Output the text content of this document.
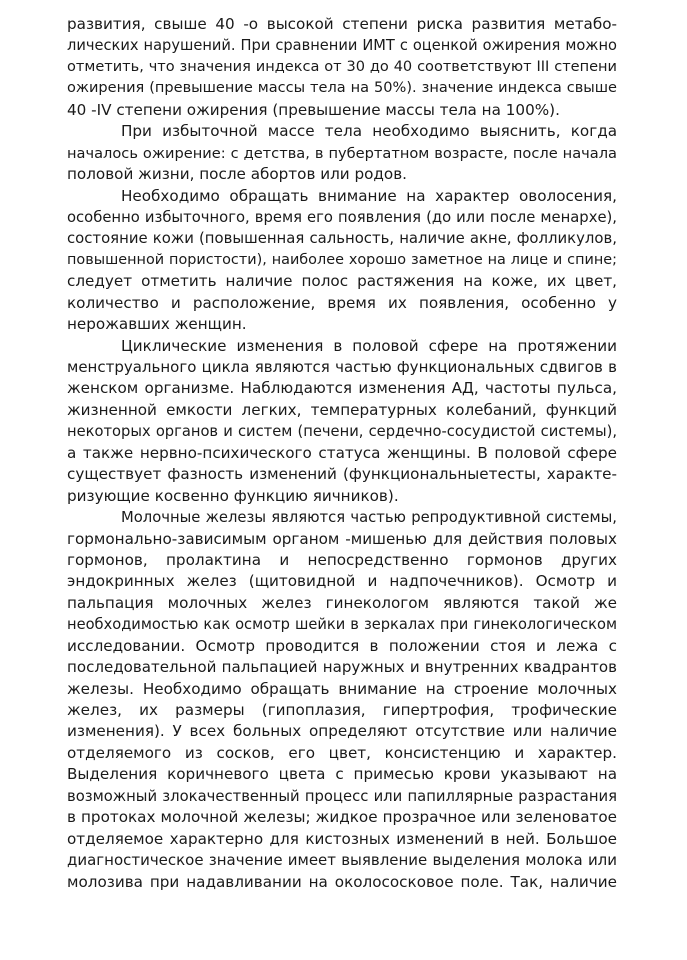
развития, свыше 40 -о высокой степени риска развития метабо-
лических нарушений. При сравнении ИМТ с оценкой ожирения можно
отметить, что значения индекса от 30 до 40 соответствуют III степени
ожирения (превышение массы тела на 50%). значение индекса свыше
40 -IV степени ожирения (превышение массы тела на 100%).
При избыточной массе тела необходимо выяснить, когда
началось ожирение: с детства, в пубертатном возрасте, после начала
половой жизни, после абортов или родов.
Необходимо обращать внимание на характер оволосения,
особенно избыточного, время его появления (до или после менархе),
состояние кожи (повышенная сальность, наличие акне, фолликулов,
повышенной пористости), наиболее хорошо заметное на лице и спине;
следует отметить наличие полос растяжения на коже, их цвет,
количество и расположение, время их появления, особенно у
нерожавших женщин.
Циклические изменения в половой сфере на протяжении
менструального цикла являются частью функциональных сдвигов в
женском организме. Наблюдаются изменения АД, частоты пульса,
жизненной емкости легких, температурных колебаний, функций
некоторых органов и систем (печени, сердечно-сосудистой системы),
а также нервно-психического статуса женщины. В половой сфере
существует фазность изменений (функциональныетесты, характе-
ризующие косвенно функцию яичников).
Молочные железы являются частью репродуктивной системы,
гормонально-зависимым органом -мишенью для действия половых
гормонов, пролактина и непосредственно гормонов других
эндокринных желез (щитовидной и надпочечников). Осмотр и
пальпация молочных желез гинекологом являются такой же
необходимостью как осмотр шейки в зеркалах при гинекологическом
исследовании. Осмотр проводится в положении стоя и лежа с
последовательной пальпацией наружных и внутренних квадрантов
железы. Необходимо обращать внимание на строение молочных
желез, их размеры (гипоплазия, гипертрофия, трофические
изменения). У всех больных определяют отсутствие или наличие
отделяемого из сосков, его цвет, консистенцию и характер.
Выделения коричневого цвета с примесью крови указывают на
возможный злокачественный процесс или папиллярные разрастания
в протоках молочной железы; жидкое прозрачное или зеленоватое
отделяемое характерно для кистозных изменений в ней. Большое
диагностическое значение имеет выявление выделения молока или
молозива при надавливании на околососковое поле. Так, наличие
